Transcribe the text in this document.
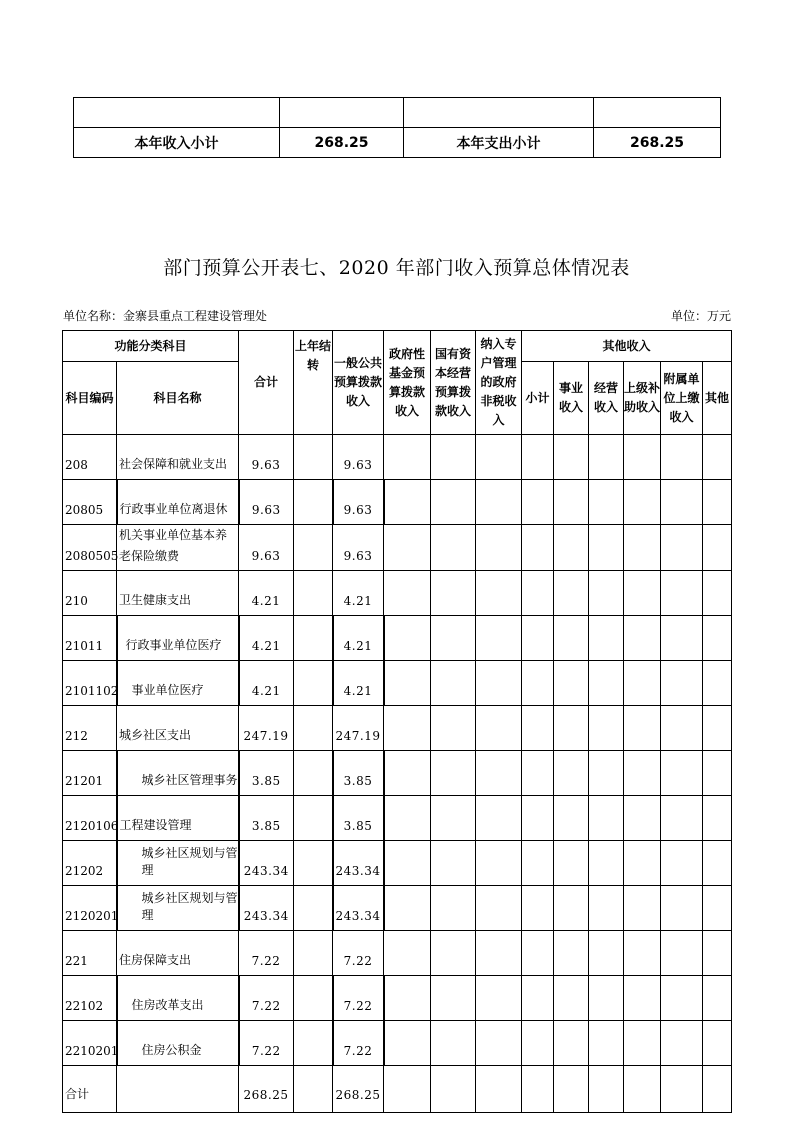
本年收入小计	268.25	本年支出小计	268.25
部门预算公开表七、2020 年部门收入预算总体情况表
单位名称：金寨县重点工程建设管理处	单位：万元
功能分类科目		合计	上年结转	一般公共预算拨款收入	政府性基金预算拨款收入	国有资本经营预算拨款收入	纳入专户管理的政府非税收入	其他收入					
科目编码	科目名称							小计	事业收入	经营收入	上级补助收入	附属单位上缴收入	其他
208	社会保障和就业支出	9.63		9.63									
20805	行政事业单位离退休	9.63		9.63									
2080505	机关事业单位基本养老保险缴费	9.63		9.63									
210	卫生健康支出	4.21		4.21									
21011	行政事业单位医疗	4.21		4.21									
2101102	事业单位医疗	4.21		4.21									
212	城乡社区支出	247.19		247.19									
21201	城乡社区管理事务	3.85		3.85									
2120106	工程建设管理	3.85		3.85									
21202	城乡社区规划与管理	243.34		243.34									
2120201	城乡社区规划与管理	243.34		243.34									
221	住房保障支出	7.22		7.22									
22102	住房改革支出	7.22		7.22									
2210201	住房公积金	7.22		7.22									
合计		268.25		268.25									
